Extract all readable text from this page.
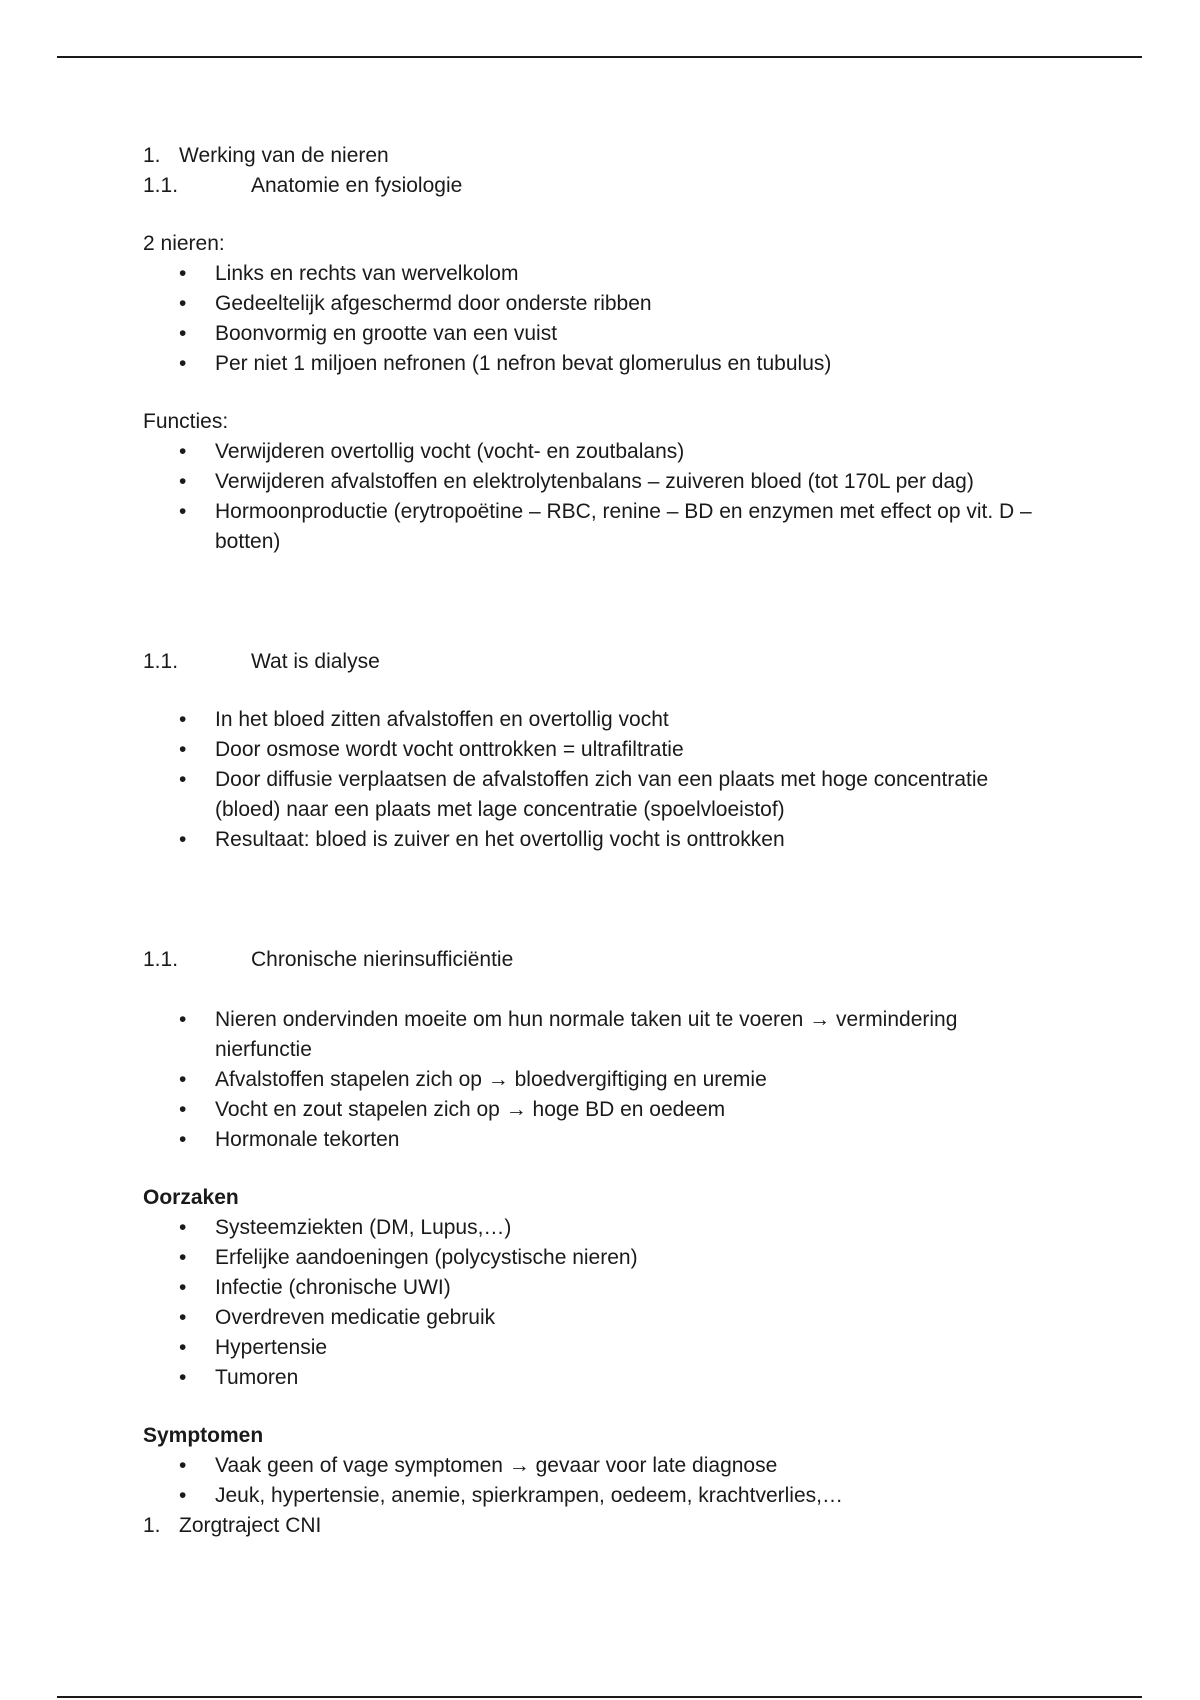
1. Werking van de nieren
1.1.	Anatomie en fysiologie
2 nieren:
• Links en rechts van wervelkolom
• Gedeeltelijk afgeschermd door onderste ribben
• Boonvormig en grootte van een vuist
• Per niet 1 miljoen nefronen (1 nefron bevat glomerulus en tubulus)
Functies:
• Verwijderen overtollig vocht (vocht- en zoutbalans)
• Verwijderen afvalstoffen en elektrolytenbalans – zuiveren bloed (tot 170L per dag)
• Hormoonproductie (erytropoëtine – RBC, renine – BD en enzymen met effect op vit. D – botten)
1.1.	Wat is dialyse
• In het bloed zitten afvalstoffen en overtollig vocht
• Door osmose wordt vocht onttrokken = ultrafiltratie
• Door diffusie verplaatsen de afvalstoffen zich van een plaats met hoge concentratie (bloed) naar een plaats met lage concentratie (spoelvloeistof)
• Resultaat: bloed is zuiver en het overtollig vocht is onttrokken
1.1.	Chronische nierinsufficiëntie
• Nieren ondervinden moeite om hun normale taken uit te voeren → vermindering nierfunctie
• Afvalstoffen stapelen zich op → bloedvergiftiging en uremie
• Vocht en zout stapelen zich op → hoge BD en oedeem
• Hormonale tekorten
Oorzaken
• Systeemziekten (DM, Lupus,…)
• Erfelijke aandoeningen (polycystische nieren)
• Infectie (chronische UWI)
• Overdreven medicatie gebruik
• Hypertensie
• Tumoren
Symptomen
• Vaak geen of vage symptomen → gevaar voor late diagnose
• Jeuk, hypertensie, anemie, spierkrampen, oedeem, krachtverlies,…
1. Zorgtraject CNI
